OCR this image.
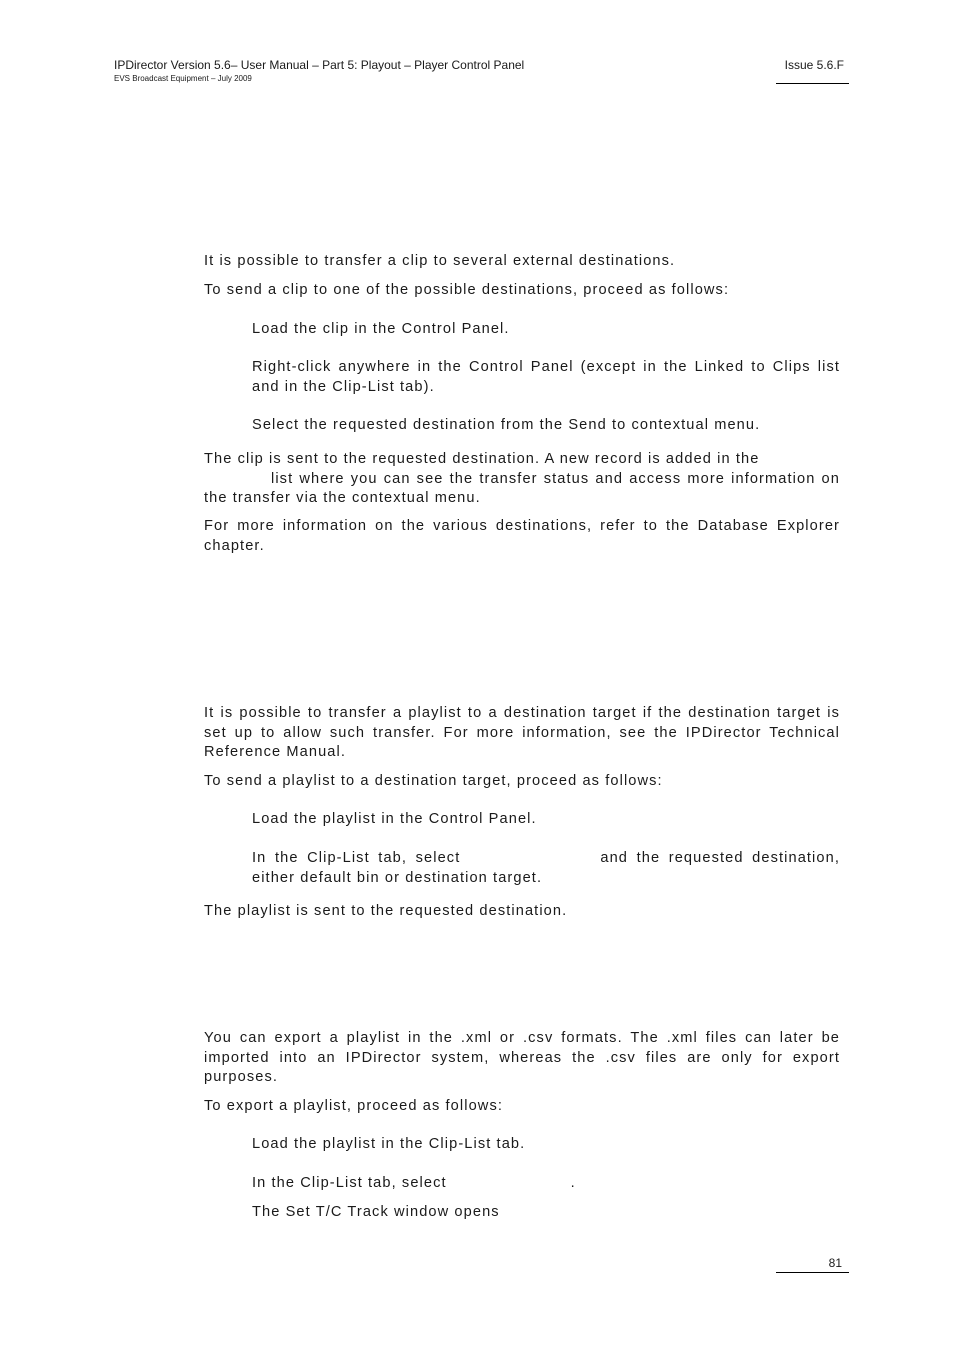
IPDirector Version 5.6– User Manual – Part 5: Playout – Player Control Panel
EVS Broadcast Equipment – July 2009
Issue 5.6.F
It is possible to transfer a clip to several external destinations.
To send a clip to one of the possible destinations, proceed as follows:
Load the clip in the Control Panel.
Right-click anywhere in the Control Panel (except in the Linked to Clips list and in the Clip-List tab).
Select the requested destination from the Send to contextual menu.
The clip is sent to the requested destination. A new record is added in the
list where you can see the transfer status and access more information on
the transfer via the contextual menu.
For more information on the various destinations, refer to the Database Explorer chapter.
It is possible to transfer a playlist to a destination target if the destination target is set up to allow such transfer. For more information, see the IPDirector Technical Reference Manual.
To send a playlist to a destination target, proceed as follows:
Load the playlist in the Control Panel.
In the Clip-List tab, select	and the requested destination,
either default bin or destination target.
The playlist is sent to the requested destination.
You can export a playlist in the .xml or .csv formats. The .xml files can later be imported into an IPDirector system, whereas the .csv files are only for export purposes.
To export a playlist, proceed as follows:
Load the playlist in the Clip-List tab.
In the Clip-List tab, select	.
The Set T/C Track window opens
81
